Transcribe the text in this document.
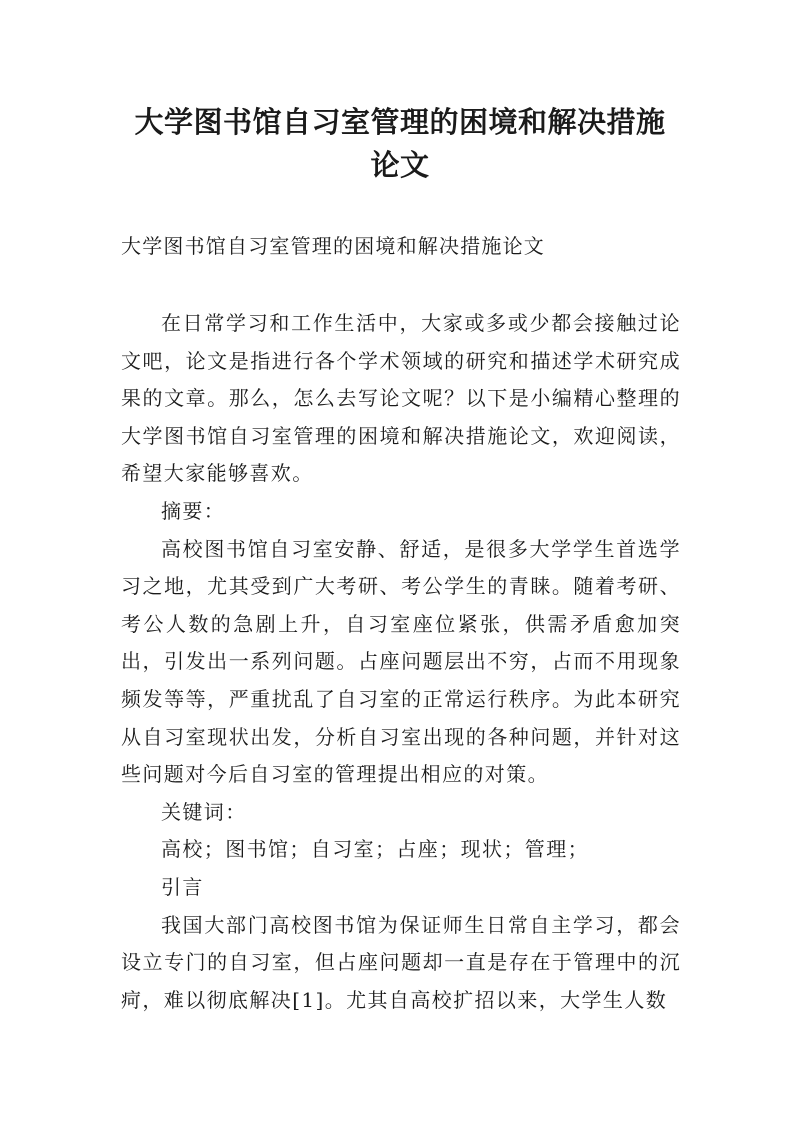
大学图书馆自习室管理的困境和解决措施
论文

大学图书馆自习室管理的困境和解决措施论文

在日常学习和工作生活中，大家或多或少都会接触过论文吧，论文是指进行各个学术领域的研究和描述学术研究成果的文章。那么，怎么去写论文呢？以下是小编精心整理的大学图书馆自习室管理的困境和解决措施论文，欢迎阅读，希望大家能够喜欢。

摘要：

高校图书馆自习室安静、舒适，是很多大学学生首选学习之地，尤其受到广大考研、考公学生的青睐。随着考研、考公人数的急剧上升，自习室座位紧张，供需矛盾愈加突出，引发出一系列问题。占座问题层出不穷，占而不用现象频发等等，严重扰乱了自习室的正常运行秩序。为此本研究从自习室现状出发，分析自习室出现的各种问题，并针对这些问题对今后自习室的管理提出相应的对策。

关键词：

高校；图书馆；自习室；占座；现状；管理；

引言

我国大部门高校图书馆为保证师生日常自主学习，都会设立专门的自习室，但占座问题却一直是存在于管理中的沉疴，难以彻底解决[1]。尤其自高校扩招以来，大学生人数
